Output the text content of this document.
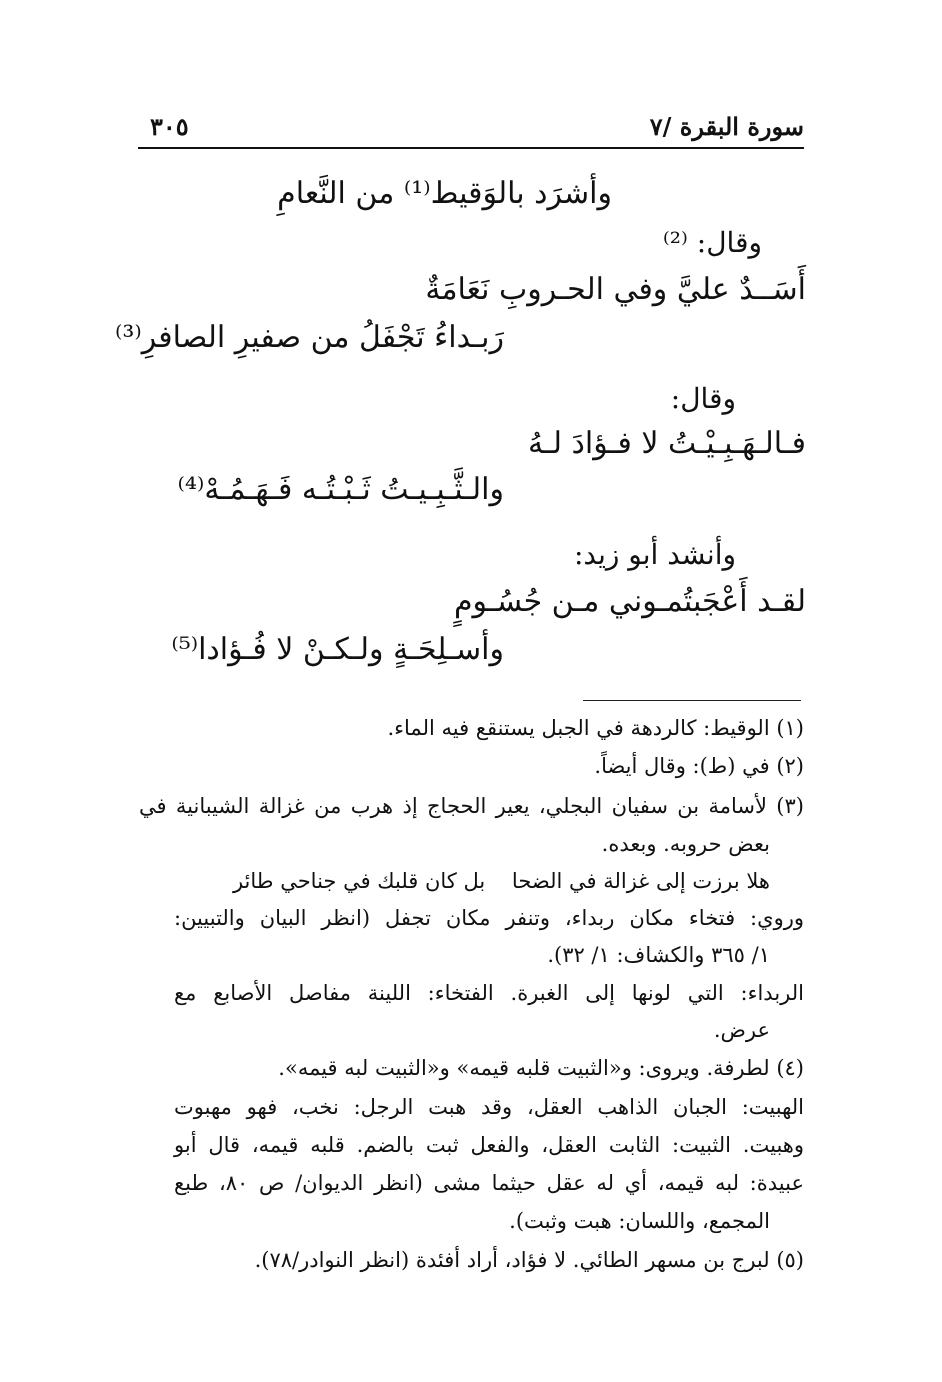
سورة البقرة /٧
٣٠٥
وأشرَد بالوَقيط⁽¹⁾ من النَّعامِ
وقال: ⁽²⁾
أَسَــدٌ عليَّ وفي الحـروبِ نَعَامَةٌ
رَبـداءُ تَجْفَلُ من صفيرِ الصافرِ⁽³⁾
وقال:
فـالـهَـبِـيْـتُ لا فـؤادَ لـهُ
والـثَّـبِـيـتُ ثَـبْـتُـه فَـهَـمُـهْ⁽⁴⁾
وأنشد أبو زيد:
لقـد أَعْجَبتُمـوني مـن جُسُـومٍ
وأسـلِحَـةٍ ولـكـنْ لا فُـؤادا⁽⁵⁾
(١) الوقيط: كالردهة في الجبل يستنقع فيه الماء.
(٢) في (ط): وقال أيضاً.
(٣) لأسامة بن سفيان البجلي، يعير الحجاج إذ هرب من غزالة الشيبانية في
بعض حروبه. وبعده.
هلا برزت إلى غزالة في الضحا    بل كان قلبك في جناحي طائر
وروي: فتخاء مكان ربداء، وتنفر مكان تجفل (انظر البيان والتبيين:
١/ ٣٦٥ والكشاف: ١/ ٣٢).
الربداء: التي لونها إلى الغبرة. الفتخاء: اللينة مفاصل الأصابع مع
عرض.
(٤) لطرفة. ويروى: و«الثبيت قلبه قيمه» و«الثبيت لبه قيمه».
الهبيت: الجبان الذاهب العقل، وقد هبت الرجل: نخب، فهو مهبوت
وهبيت. الثبيت: الثابت العقل، والفعل ثبت بالضم. قلبه قيمه، قال أبو
عبيدة: لبه قيمه، أي له عقل حيثما مشى (انظر الديوان/ ص ٨٠، طبع
المجمع، واللسان: هبت وثبت).
(٥) لبرج بن مسهر الطائي. لا فؤاد، أراد أفئدة (انظر النوادر/٧٨).
